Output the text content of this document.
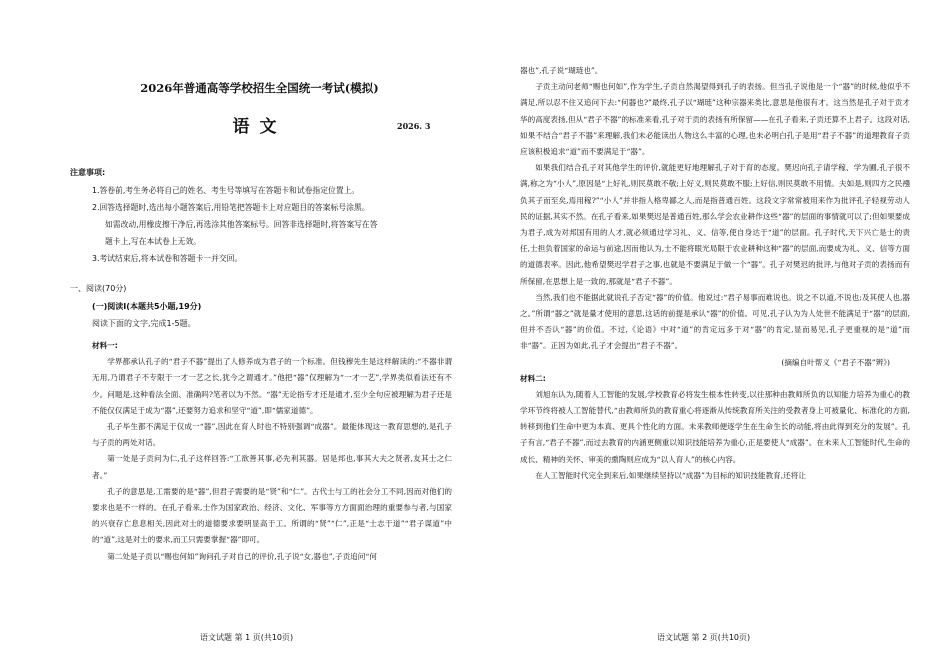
2026年普通高等学校招生全国统一考试(模拟)
语文	2026. 3
注意事项:
1.答卷前,考生务必将自己的姓名、考生号等填写在答题卡和试卷指定位置上。
2.回答选择题时,选出每小题答案后,用铅笔把答题卡上对应题目的答案标号涂黑。
如需改动,用橡皮擦干净后,再选涂其他答案标号。回答非选择题时,将答案写在答
题卡上,写在本试卷上无效。
3.考试结束后,将本试卷和答题卡一并交回。
一、阅读(70分)
(一)阅读Ⅰ(本题共5小题,19分)
阅读下面的文字,完成1-5题。

材料一:

学界都承认孔子的“君子不器”提出了人修养成为君子的一个标准。但钱穆先生是这样解读的:“不器非谓无用,乃谓君子不专限于一才一艺之长,犹今之谓通才。”他把“器”仅理解为“一才一艺”,学界类似看法还有不少。问题是,这种看法全面、准确吗?笔者以为不然。“器”无论指专才还是通才,至少全句应被理解为君子还是不能仅仅满足于成为“器”,还要努力追求和坚守“道”,即“儒家道德”。

孔子毕生都不满足于仅成一“器”,因此在育人时也不特别强调“成器”。最能体现这一教育思想的,是孔子与子贡的两处对话。

第一处是子贡问为仁,孔子这样回答:“工欲善其事,必先利其器。居是邦也,事其大夫之贤者,友其士之仁者。”

孔子的意思是,工需要的是“器”,但君子需要的是“贤”和“仁”。古代士与工的社会分工不同,因而对他们的要求也是不一样的。在孔子看来,士作为国家政治、经济、文化、军事等方方面面治理的重要参与者,与国家的兴衰存亡息息相关,因此对士的道德要求要明显高于工。所谓的“贤”“仁”,正是“士志于道”“君子谋道”中的“道”,这是对士的要求,而工只需要掌握“器”即可。

第二处是子贡以“赐也何如”询问孔子对自己的评价,孔子说“女,器也”,子贡追问“何

器也”,孔子说“瑚琏也”。

子贡主动问老师“赐也何如”,作为学生,子贡自然渴望得到孔子的表扬。但当孔子说他是一个“器”的时候,他似乎不满足,所以忍不住又追问下去:“何器也?”最终,孔子以“瑚琏”这种宗器来类比,意思是他很有才。这当然是孔子对于贡才华的高度表扬,但从“君子不器”的标准来看,孔子对于贡的表扬有所保留——在孔子看来,子贡还算不上君子。这段对话,如果不结合“君子不器”来理解,我们未必能读出人物这么丰富的心理,也未必明白孔子是用“君子不器”的道理教育子贡应该积极追求“道”而不要满足于“器”。

如果我们结合孔子对其他学生的评价,就能更好地理解孔子对于育的态度。樊迟向孔子请学稼、学为圃,孔子很不满,称之为“小人”,原因是“上好礼,则民莫敢不敬;上好义,则民莫敢不服;上好信,则民莫敢不用情。夫如是,则四方之民襁负其子而至矣,焉用稼?”“小人”并非指人格卑鄙之人,而是指普通百姓。这段文字常常被用来作为批评孔子轻视劳动人民的证据,其实不然。在孔子看来,如果樊迟是普通百姓,那么学会农业耕作这些“器”的层面的事情就可以了;但如果要成为君子,成为对邦国有用的人才,就必须通过学习礼、义、信等,使自身达于“道”的层面。孔子时代,天下兴亡是士的责任,士担负着国家的命运与前途,因而他认为,士不能将眼光局限于农业耕种这种“器”的层面,而要成为礼、义、信等方面的道德表率。因此,他希望樊迟学君子之事,也就是不要满足于做一个“器”。孔子对樊迟的批评,与他对子贡的表扬而有所保留,在思想上是一致的,那就是“君子不器”。

当然,我们也不能据此就说孔子否定“器”的价值。他说过:“君子易事而难说也。说之不以道,不说也;及其使人也,器之。”所谓“器之”就是量才使用的意思,这话的前提是承认“器”的价值。可见,孔子认为为人处世不能满足于“器”的层面,但并不否认“器”的价值。不过,《论语》中对“道”的肯定远多于对“器”的肯定,显而易见,孔子更重视的是“道”而非“器”。正因为如此,孔子才会提出“君子不器”。

(摘编自叶帮义《“君子不器”辨》)

材料二:

刘旭东认为,随着人工智能的发展,学校教育必将发生根本性转变,以往那种由教师所负的以知能力培养为重心的教学环节终将被人工智能替代,“由教师所负的教育重心将逐渐从传统教育所关注的受教者身上可被量化、标准化的方面,转移到他们生命中更为本真、更具个性化的方面。未来教师便逐学生在生命生长的动能,将由此得到充分的发展”。孔子有言,“君子不器”,而过去教育的内涵更侧重以知识技能培养为重心,正是要使人“成器”。在未来人工智能时代,生命的成长、精神的关怀、审美的熏陶则应成为“以人育人”的核心内容。

在人工智能时代完全到来后,如果继续坚持以“成器”为目标的知识技能教育,还将让

语文试题 第 1 页(共10页)	语文试题 第 2 页(共10页)
